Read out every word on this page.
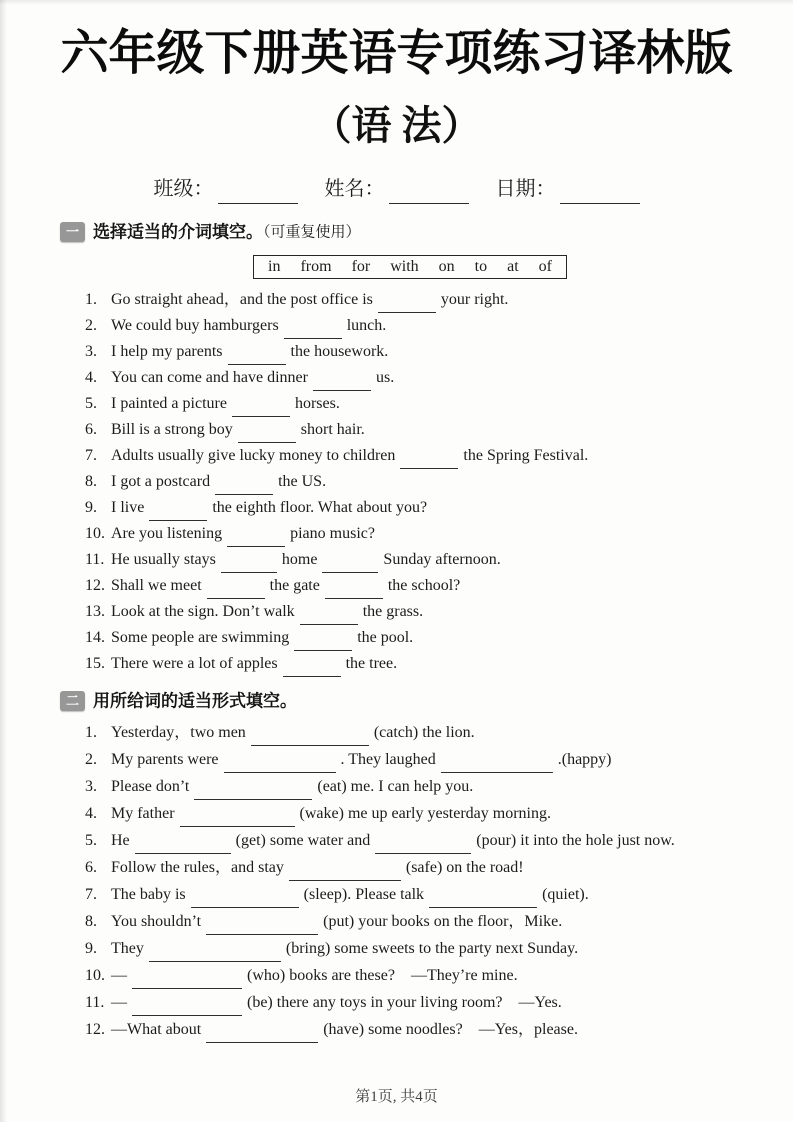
六年级下册英语专项练习译林版
（语 法）
班级：	姓名：	日期：
一 选择适当的介词填空。（可重复使用）
in from for with on to at of
1. Go straight ahead，and the post office is	your right.
2. We could buy hamburgers	lunch.
3. I help my parents	the housework.
4. You can come and have dinner	us.
5. I painted a picture	horses.
6. Bill is a strong boy	short hair.
7. Adults usually give lucky money to children	the Spring Festival.
8. I got a postcard	the US.
9. I live	the eighth floor. What about you?
10. Are you listening	piano music?
11. He usually stays	home	Sunday afternoon.
12. Shall we meet	the gate	the school?
13. Look at the sign. Don’t walk	the grass.
14. Some people are swimming	the pool.
15. There were a lot of apples	the tree.
二 用所给词的适当形式填空。
1. Yesterday，two men	(catch) the lion.
2. My parents were	. They laughed	.(happy)
3. Please don’t	(eat) me. I can help you.
4. My father	(wake) me up early yesterday morning.
5. He	(get) some water and	(pour) it into the hole just now.
6. Follow the rules，and stay	(safe) on the road!
7. The baby is	(sleep). Please talk	(quiet).
8. You shouldn’t	(put) your books on the floor，Mike.
9. They	(bring) some sweets to the party next Sunday.
10. —	(who) books are these?　—They’re mine.
11. —	(be) there any toys in your living room?　—Yes.
12. —What about	(have) some noodles?　—Yes，please.
第1页, 共4页
